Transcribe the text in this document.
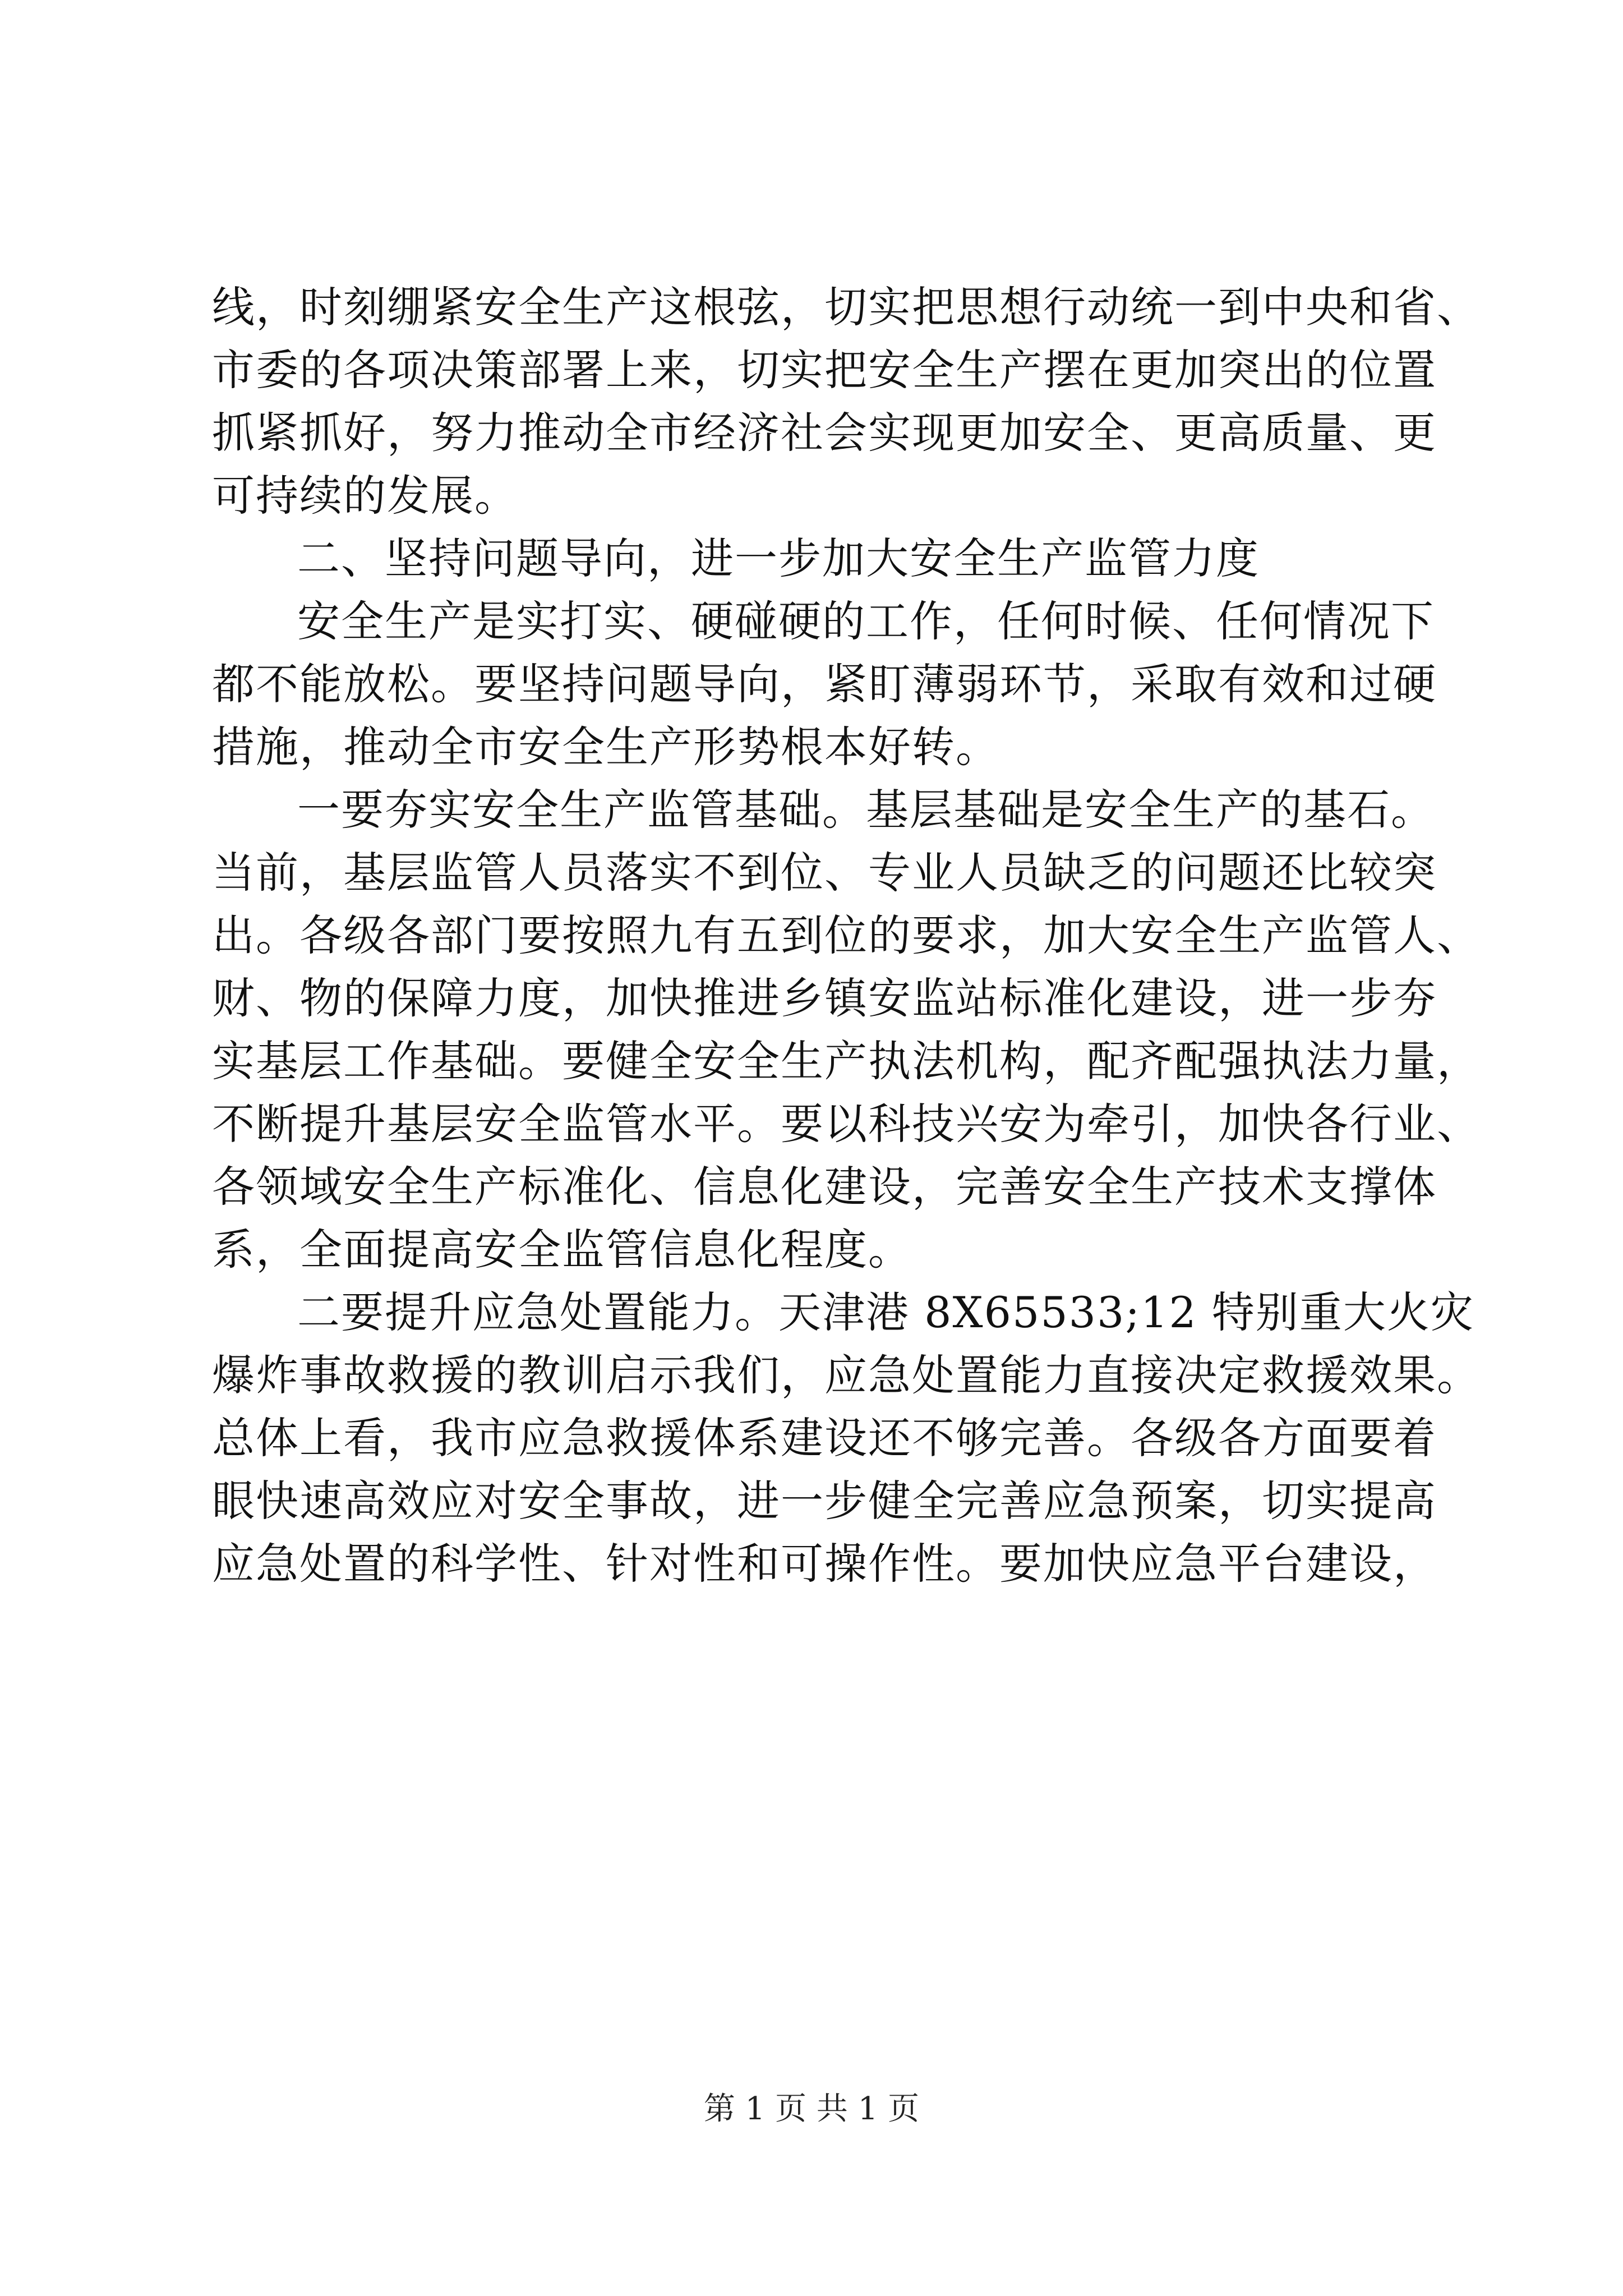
线，时刻绷紧安全生产这根弦，切实把思想行动统一到中央和省、
市委的各项决策部署上来，切实把安全生产摆在更加突出的位置
抓紧抓好，努力推动全市经济社会实现更加安全、更高质量、更
可持续的发展。
二、坚持问题导向，进一步加大安全生产监管力度
安全生产是实打实、硬碰硬的工作，任何时候、任何情况下
都不能放松。要坚持问题导向，紧盯薄弱环节，采取有效和过硬
措施，推动全市安全生产形势根本好转。
一要夯实安全生产监管基础。基层基础是安全生产的基石。
当前，基层监管人员落实不到位、专业人员缺乏的问题还比较突
出。各级各部门要按照九有五到位的要求，加大安全生产监管人、
财、物的保障力度，加快推进乡镇安监站标准化建设，进一步夯
实基层工作基础。要健全安全生产执法机构，配齐配强执法力量，
不断提升基层安全监管水平。要以科技兴安为牵引，加快各行业、
各领域安全生产标准化、信息化建设，完善安全生产技术支撑体
系，全面提高安全监管信息化程度。
二要提升应急处置能力。天津港 8X65533;12 特别重大火灾
爆炸事故救援的教训启示我们，应急处置能力直接决定救援效果。
总体上看，我市应急救援体系建设还不够完善。各级各方面要着
眼快速高效应对安全事故，进一步健全完善应急预案，切实提高
应急处置的科学性、针对性和可操作性。要加快应急平台建设，
第 1 页 共 1 页
